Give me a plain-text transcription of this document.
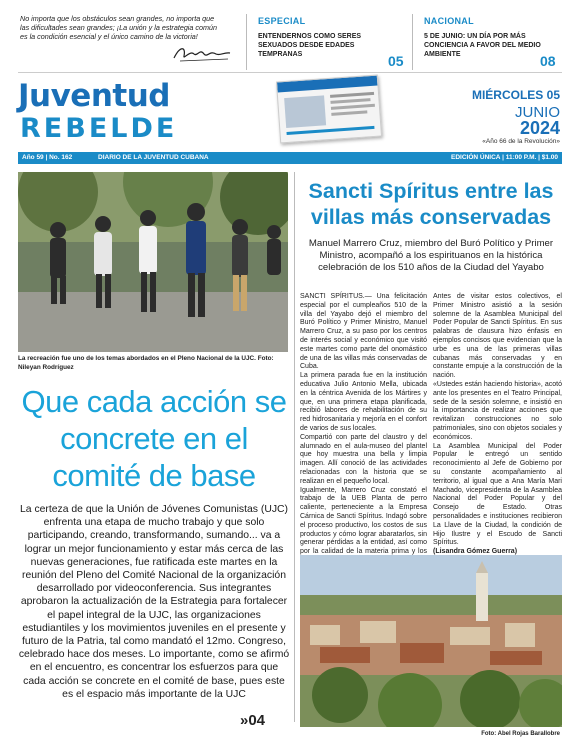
No importa que los obstáculos sean grandes, no importa que las dificultades sean grandes; ¡La unión y la estrategia común es la condición esencial y el único camino de la victoria!
ESPECIAL
ENTENDERNOS COMO SERES SEXUADOS DESDE EDADES TEMPRANAS	05
NACIONAL
5 DE JUNIO: UN DÍA POR MÁS CONCIENCIA A FAVOR DEL MEDIO AMBIENTE	08
Juventud
REBELDE
MIÉRCOLES 05
JUNIO
2024
«Año 66 de la Revolución»
Año 59 | No. 162	DIARIO DE LA JUVENTUD CUBANA	EDICIÓN ÚNICA | 11:00 P.M. | $1.00
La recreación fue uno de los temas abordados en el Pleno Nacional de la UJC. Foto: Nileyan Rodríguez
Que cada acción se concrete en el comité de base
La certeza de que la Unión de Jóvenes Comunistas (UJC) enfrenta una etapa de mucho trabajo y que solo participando, creando, transformando, sumando... va a lograr un mejor funcionamiento y estar más cerca de las nuevas generaciones, fue ratificada este martes en la reunión del Pleno del Comité Nacional de la organización desarrollado por videoconferencia. Sus integrantes aprobaron la actualización de la Estrategia para fortalecer el papel integral de la UJC, las organizaciones estudiantiles y los movimientos juveniles en el presente y futuro de la Patria, tal como mandató el 12mo. Congreso, celebrado hace dos meses. Lo importante, como se afirmó en el encuentro, es concentrar los esfuerzos para que cada acción se concrete en el comité de base, pues este es el espacio más importante de la UJC
»04
Sancti Spíritus entre las villas más conservadas
Manuel Marrero Cruz, miembro del Buró Político y Primer Ministro, acompañó a los espirituanos en la histórica celebración de los 510 años de la Ciudad del Yayabo

SANCTI SPÍRITUS.— Una felicitación especial por el cumpleaños 510 de la villa del Yayabo dejó el miembro del Buró Político y Primer Ministro, Manuel Marrero Cruz, a su paso por los centros de interés social y económico que visitó este martes como parte del onomástico de una de las villas más conservadas de Cuba.

La primera parada fue en la institución educativa Julio Antonio Mella, ubicada en la céntrica Avenida de los Mártires y que, en una primera etapa planificada, recibió labores de rehabilitación de su red hidrosanitaria y mejoría en el confort de varios de sus locales.

Compartió con parte del claustro y del alumnado en el aula-museo del plantel que hoy muestra una bella y limpia imagen. Allí conoció de las actividades relacionadas con la historia que se realizan en el pequeño local.

Igualmente, Marrero Cruz constató el trabajo de la UEB Planta de perro caliente, perteneciente a la Empresa Cárnica de Sancti Spíritus. Indagó sobre el proceso productivo, los costos de sus productos y cómo lograr abaratarlos, sin generar pérdidas a la entidad, así como por la calidad de la materia prima y los

Antes de visitar estos colectivos, el Primer Ministro asistió a la sesión solemne de la Asamblea Municipal del Poder Popular de Sancti Spíritus. En sus palabras de clausura hizo énfasis en ejemplos concisos que evidencian que la urbe es una de las primeras villas cubanas más conservadas y en constante empuje a la construcción de la nación.

«Ustedes están haciendo historia», acotó ante los presentes en el Teatro Principal, sede de la sesión solemne, e insistió en la importancia de realizar acciones que revitalizan construcciones no solo patrimoniales, sino con objetos sociales y económicos.

La Asamblea Municipal del Poder Popular le entregó un sentido reconocimiento al Jefe de Gobierno por su constante acompañamiento al territorio, al igual que a Ana María Mari Machado, vicepresidenta de la Asamblea Nacional del Poder Popular y del Consejo de Estado. Otras personalidades e instituciones recibieron La Llave de la Ciudad, la condición de Hijo Ilustre y el Escudo de Sancti Spíritus.

(Lisandra Gómez Guerra)

Foto: Abel Rojas Barallobre
